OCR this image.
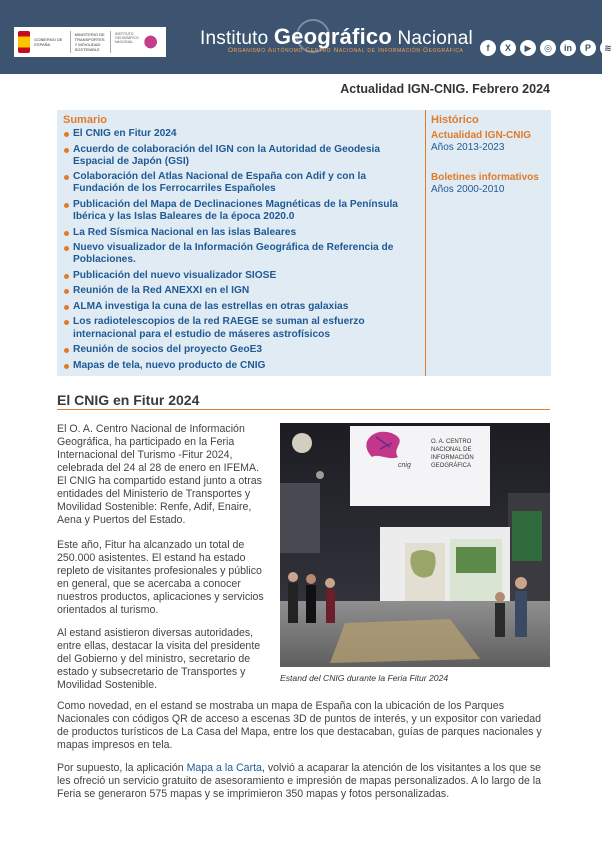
GOBIERNO DE ESPAÑA
MINISTERIO DE TRANSPORTES Y MOVILIDAD SOSTENIBLE
INSTITUTO GEOGRÁFICO NACIONAL	Instituto Geográfico Nacional
Organismo Autónomo Centro Nacional de Información Geográfica	f	X	▶	◎	in	P	≋
Actualidad IGN-CNIG. Febrero 2024
Sumario
El CNIG en Fitur 2024
Acuerdo de colaboración del IGN con la Autoridad de Geodesia Espacial de Japón (GSI)
Colaboración del Atlas Nacional de España con Adif y con la Fundación de los Ferrocarriles Españoles
Publicación del Mapa de Declinaciones Magnéticas de la Península Ibérica y las Islas Baleares de la época 2020.0
La Red Sísmica Nacional en las islas Baleares
Nuevo visualizador de la Información Geográfica de Referencia de Poblaciones.
Publicación del nuevo visualizador SIOSE
Reunión de la Red ANEXXI en el IGN
ALMA investiga la cuna de las estrellas en otras galaxias
Los radiotelescopios de la red RAEGE se suman al esfuerzo internacional para el estudio de máseres astrofísicos
Reunión de socios del proyecto GeoE3
Mapas de tela, nuevo producto de CNIG
Histórico
Actualidad IGN-CNIG
Años 2013-2023
Boletines informativos
Años 2000-2010
El CNIG en Fitur 2024
El O. A. Centro Nacional de Información Geográfica, ha participado en la Feria Internacional del Turismo -Fitur 2024, celebrada del 24 al 28 de enero en IFEMA. El CNIG ha compartido estand junto a otras entidades del Ministerio de Transportes y Movilidad Sostenible: Renfe, Adif, Enaire, Aena y Puertos del Estado.
Este año, Fitur ha alcanzado un total de 250.000 asistentes. El estand ha estado repleto de visitantes profesionales y público en general, que se acercaba a conocer nuestros productos, aplicaciones y servicios orientados al turismo.
Al estand asistieron diversas autoridades, entre ellas, destacar la visita del presidente del Gobierno y del ministro, secretario de estado y subsecretario de Transportes y Movilidad Sostenible.
O. A. CENTRO NACIONAL DE INFORMACIÓN GEOGRÁFICA
cnig
Estand del CNIG durante la Feria Fitur 2024
Como novedad, en el estand se mostraba un mapa de España con la ubicación de los Parques Nacionales con códigos QR de acceso a escenas 3D de puntos de interés, y un expositor con variedad de productos turísticos de La Casa del Mapa, entre los que destacaban, guías de parques nacionales y mapas impresos en tela.
Por supuesto, la aplicación Mapa a la Carta, volvió a acaparar la atención de los visitantes a los que se les ofreció un servicio gratuito de asesoramiento e impresión de mapas personalizados. A lo largo de la Feria se generaron 575 mapas y se imprimieron 350 mapas y fotos personalizadas.
